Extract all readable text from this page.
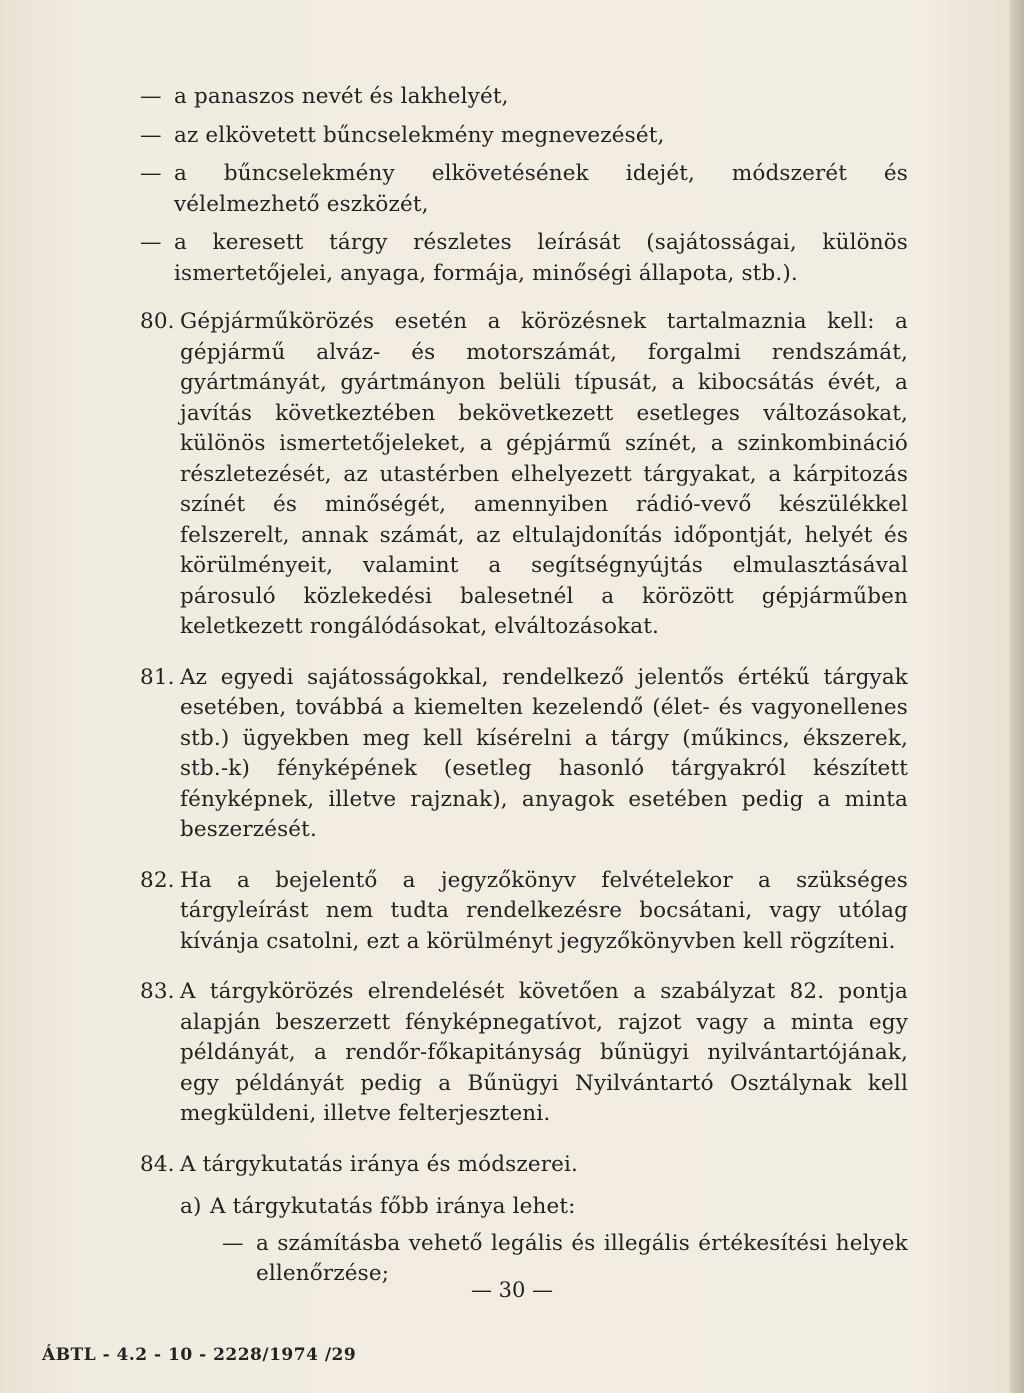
— a panaszos nevét és lakhelyét,
— az elkövetett bűncselekmény megnevezését,
— a bűncselekmény elkövetésének idejét, módszerét és vélelmezhető eszközét,
— a keresett tárgy részletes leírását (sajátosságai, különös ismertetőjelei, anyaga, formája, minőségi állapota, stb.).
80. Gépjárműkörözés esetén a körözésnek tartalmaznia kell: a gépjármű alváz- és motorszámát, forgalmi rendszámát, gyártmányát, gyártmányon belüli típusát, a kibocsátás évét, a javítás következtében bekövetkezett esetleges változásokat, különös ismertetőjeleket, a gépjármű színét, a szinkombináció részletezését, az utastérben elhelyezett tárgyakat, a kárpitozás színét és minőségét, amennyiben rádió-vevő készülékkel felszerelt, annak számát, az eltulajdonítás időpontját, helyét és körülményeit, valamint a segítségnyújtás elmulasztásával párosuló közlekedési balesetnél a körözött gépjárműben keletkezett rongálódásokat, elváltozásokat.
81. Az egyedi sajátosságokkal, rendelkező jelentős értékű tárgyak esetében, továbbá a kiemelten kezelendő (élet- és vagyonellenes stb.) ügyekben meg kell kísérelni a tárgy (műkincs, ékszerek, stb.-k) fényképének (esetleg hasonló tárgyakról készített fényképnek, illetve rajznak), anyagok esetében pedig a minta beszerzését.
82. Ha a bejelentő a jegyzőkönyv felvételekor a szükséges tárgyleírást nem tudta rendelkezésre bocsátani, vagy utólag kívánja csatolni, ezt a körülményt jegyzőkönyvben kell rögzíteni.
83. A tárgykörözés elrendelését követően a szabályzat 82. pontja alapján beszerzett fényképnegatívot, rajzot vagy a minta egy példányát, a rendőr-főkapitányság bűnügyi nyilvántartójának, egy példányát pedig a Bűnügyi Nyilvántartó Osztálynak kell megküldeni, illetve felterjeszteni.
84. A tárgykutatás iránya és módszerei.
a) A tárgykutatás főbb iránya lehet:
— a számításba vehető legális és illegális értékesítési helyek ellenőrzése;
— 30 —
ÁBTL - 4.2 - 10 - 2228/1974 /29
